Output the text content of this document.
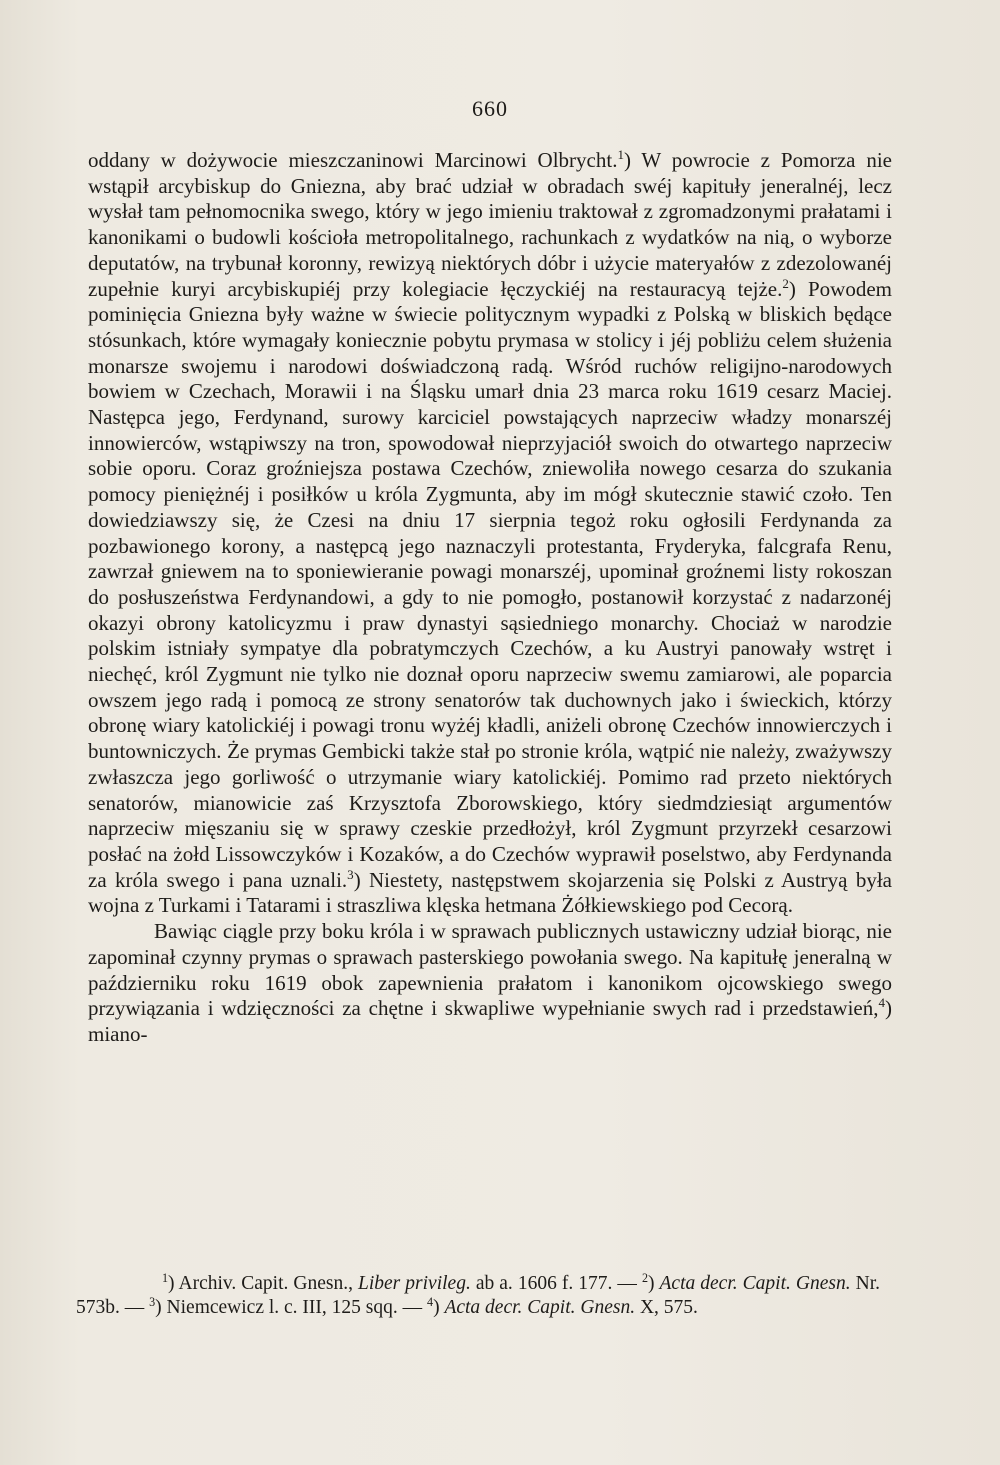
660

oddany w dożywocie mieszczaninowi Marcinowi Olbrycht.$^1$) W powrocie z Pomorza nie wstąpił arcybiskup do Gniezna, aby brać udział w obradach swéj kapituły jeneralnéj, lecz wysłał tam pełnomocnika swego, który w jego imieniu traktował z zgromadzonymi prałatami i kanonikami o budowli kościoła metropolitalnego, rachunkach z wydatków na nią, o wyborze deputatów, na trybunał koronny, rewizyą niektórych dóbr i użycie materyałów z zdezolowanéj zupełnie kuryi arcybiskupiéj przy kolegiacie łęczyckiéj na restauracyą tejże.$^2$) Powodem pominięcia Gniezna były ważne w świecie politycznym wypadki z Polską w bliskich będące stósunkach, które wymagały koniecznie pobytu prymasa w stolicy i jéj pobliżu celem służenia monarsze swojemu i narodowi doświadczoną radą. Wśród ruchów religijno-narodowych bowiem w Czechach, Morawii i na Śląsku umarł dnia 23 marca roku 1619 cesarz Maciej. Następca jego, Ferdynand, surowy karciciel powstających naprzeciw władzy monarszéj innowierców, wstąpiwszy na tron, spowodował nieprzyjaciół swoich do otwartego naprzeciw sobie oporu. Coraz groźniejsza postawa Czechów, zniewoliła nowego cesarza do szukania pomocy pieniężnéj i posiłków u króla Zygmunta, aby im mógł skutecznie stawić czoło. Ten dowiedziawszy się, że Czesi na dniu 17 sierpnia tegoż roku ogłosili Ferdynanda za pozbawionego korony, a następcą jego naznaczyli protestanta, Fryderyka, falcgrafa Renu, zawrzał gniewem na to sponiewieranie powagi monarszéj, upominał groźnemi listy rokoszan do posłuszeństwa Ferdynandowi, a gdy to nie pomogło, postanowił korzystać z nadarzonéj okazyi obrony katolicyzmu i praw dynastyi sąsiedniego monarchy. Chociaż w narodzie polskim istniały sympatye dla pobratymczych Czechów, a ku Austryi panowały wstręt i niechęć, król Zygmunt nie tylko nie doznał oporu naprzeciw swemu zamiarowi, ale poparcia owszem jego radą i pomocą ze strony senatorów tak duchownych jako i świeckich, którzy obronę wiary katolickiéj i powagi tronu wyżéj kładli, aniżeli obronę Czechów innowierczych i buntowniczych. Że prymas Gembicki także stał po stronie króla, wątpić nie należy, zważywszy zwłaszcza jego gorliwość o utrzymanie wiary katolickiéj. Pomimo rad przeto niektórych senatorów, mianowicie zaś Krzysztofa Zborowskiego, który siedmdziesiąt argumentów naprzeciw mięszaniu się w sprawy czeskie przedłożył, król Zygmunt przyrzekł cesarzowi posłać na żołd Lissowczyków i Kozaków, a do Czechów wyprawił poselstwo, aby Ferdynanda za króla swego i pana uznali.$^3$) Niestety, następstwem skojarzenia się Polski z Austryą była wojna z Turkami i Tatarami i straszliwa klęska hetmana Żółkiewskiego pod Cecorą.

Bawiąc ciągle przy boku króla i w sprawach publicznych ustawiczny udział biorąc, nie zapominał czynny prymas o sprawach pasterskiego powołania swego. Na kapitułę jeneralną w październiku roku 1619 obok zapewnienia prałatom i kanonikom ojcowskiego swego przywiązania i wdzięczności za chętne i skwapliwe wypełnianie swych rad i przedstawień,$^4$) miano-

$^1$) Archiv. Capit. Gnesn., Liber privileg. ab a. 1606 f. 177. — $^2$) Acta decr. Capit. Gnesn. Nr. 573b. — $^3$) Niemcewicz l. c. III, 125 sqq. — $^4$) Acta decr. Capit. Gnesn. X, 575.
